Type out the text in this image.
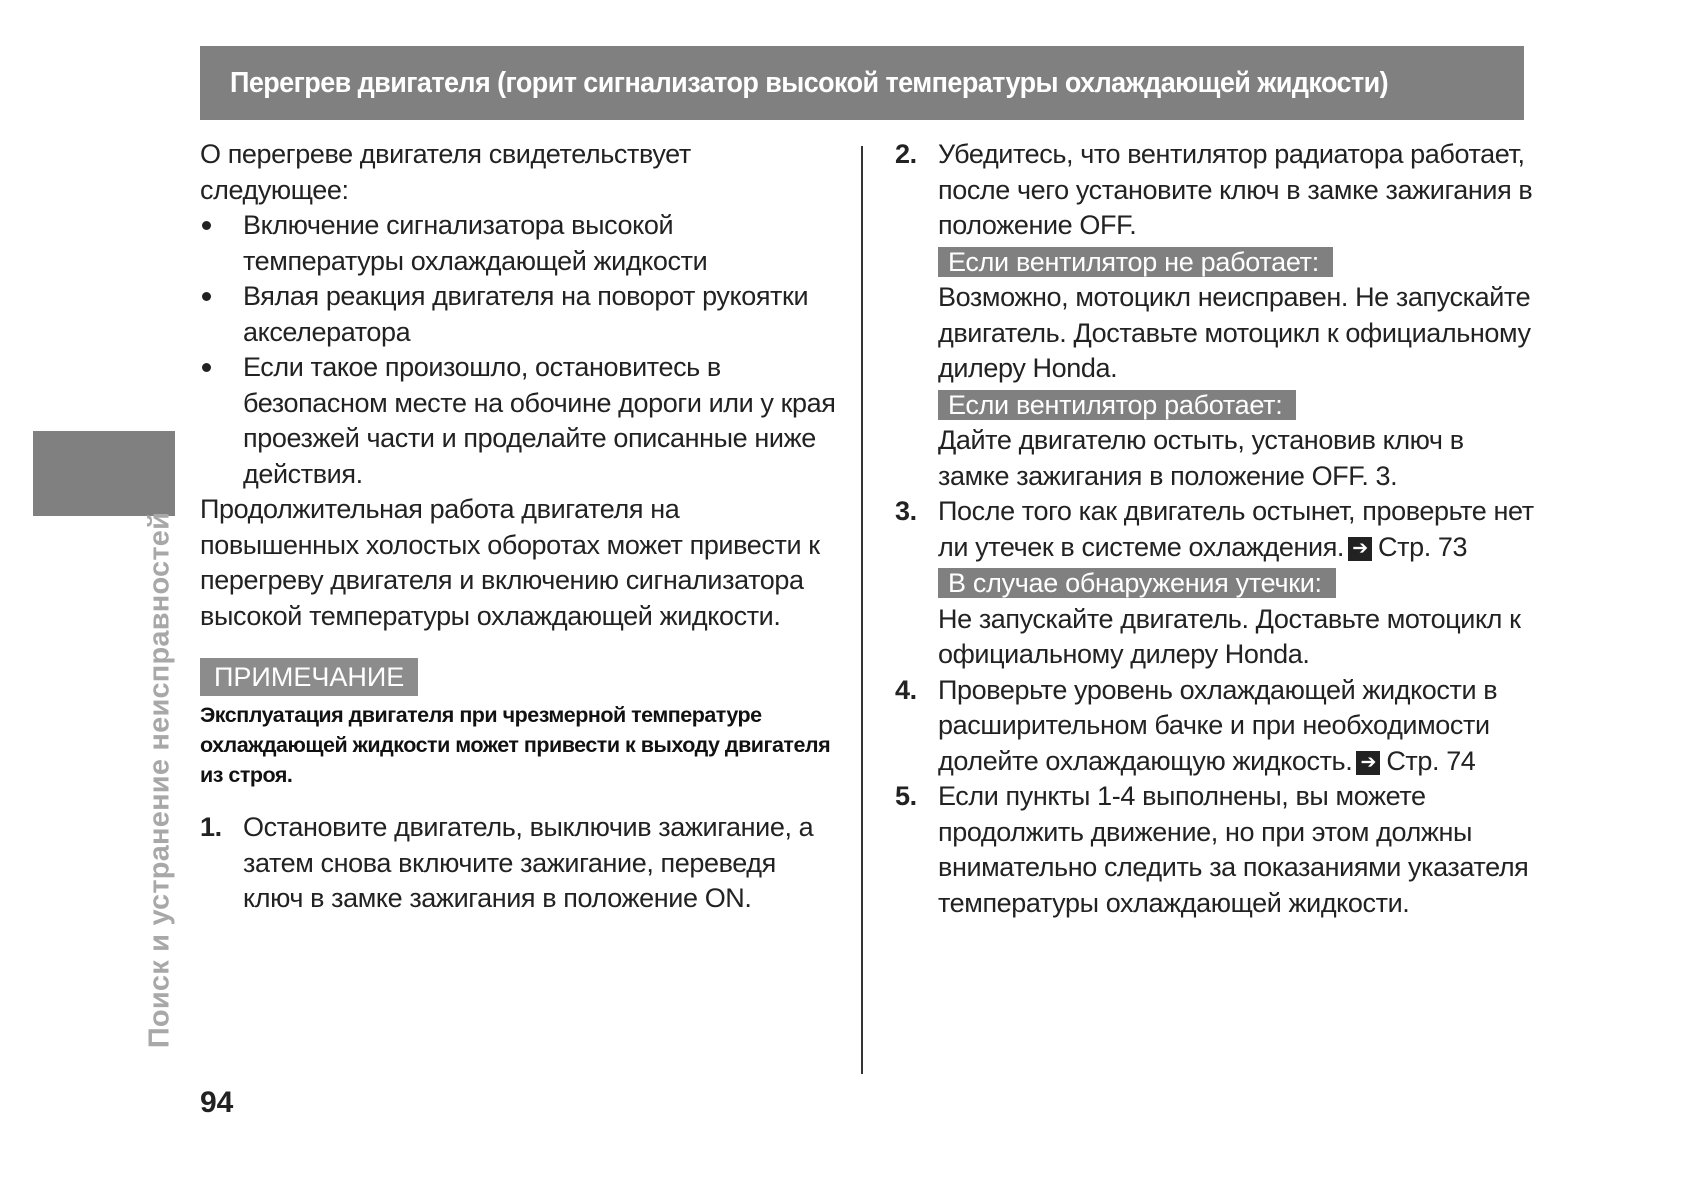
Перегрев двигателя (горит сигнализатор высокой температуры охлаждающей жидкости)
Поиск и устранение неисправностей

О перегреве двигателя свидетельствует следующее:

Включение сигнализатора высокой температуры охлаждающей жидкости
Вялая реакция двигателя на поворот рукоятки акселератора
Если такое произошло, остановитесь в безопасном месте на обочине дороги или у края проезжей части и проделайте описанные ниже действия.

Продолжительная работа двигателя на повышенных холостых оборотах может привести к перегреву двигателя и включению сигнализатора высокой температуры охлаждающей жидкости.

ПРИМЕЧАНИЕ

Эксплуатация двигателя при чрезмерной температуре охлаждающей жидкости может привести к выходу двигателя из строя.

1. Остановите двигатель, выключив зажигание, а затем снова включите зажигание, переведя ключ в замке зажигания в положение ON.
2. Убедитесь, что вентилятор радиатора работает, после чего установите ключ в замке зажигания в положение OFF.
Если вентилятор не работает:
Возможно, мотоцикл неисправен. Не запускайте двигатель. Доставьте мотоцикл к официальному дилеру Honda.
Если вентилятор работает:
Дайте двигателю остыть, установив ключ в замке зажигания в положение OFF. 3.
3. После того как двигатель остынет, проверьте нет ли утечек в системе охлаждения. ➔ Стр. 73
В случае обнаружения утечки:
Не запускайте двигатель. Доставьте мотоцикл к официальному дилеру Honda.
4. Проверьте уровень охлаждающей жидкости в расширительном бачке и при необходимости долейте охлаждающую жидкость. ➔ Стр. 74
5. Если пункты 1-4 выполнены, вы можете продолжить движение, но при этом должны внимательно следить за показаниями указателя температуры охлаждающей жидкости.
94
